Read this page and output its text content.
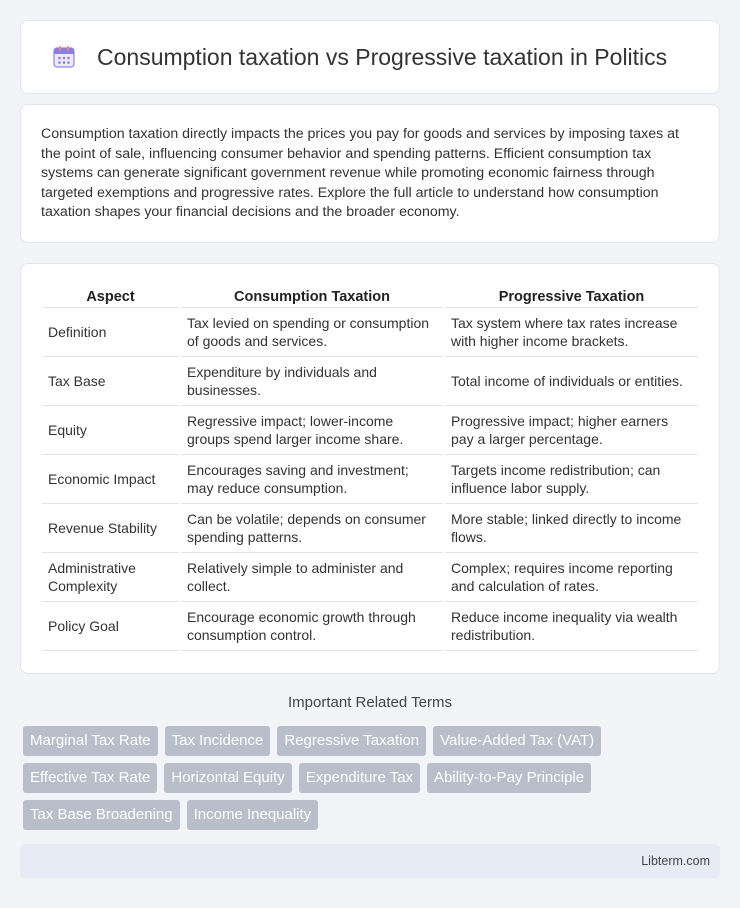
Consumption taxation vs Progressive taxation in Politics

Consumption taxation directly impacts the prices you pay for goods and services by imposing taxes at the point of sale, influencing consumer behavior and spending patterns. Efficient consumption tax systems can generate significant government revenue while promoting economic fairness through targeted exemptions and progressive rates. Explore the full article to understand how consumption taxation shapes your financial decisions and the broader economy.

Aspect	Consumption Taxation	Progressive Taxation
Definition	Tax levied on spending or consumption of goods and services.	Tax system where tax rates increase with higher income brackets.
Tax Base	Expenditure by individuals and businesses.	Total income of individuals or entities.
Equity	Regressive impact; lower-income groups spend larger income share.	Progressive impact; higher earners pay a larger percentage.
Economic Impact	Encourages saving and investment; may reduce consumption.	Targets income redistribution; can influence labor supply.
Revenue Stability	Can be volatile; depends on consumer spending patterns.	More stable; linked directly to income flows.
Administrative Complexity	Relatively simple to administer and collect.	Complex; requires income reporting and calculation of rates.
Policy Goal	Encourage economic growth through consumption control.	Reduce income inequality via wealth redistribution.
Important Related Terms
Marginal Tax Rate	Tax Incidence	Regressive Taxation	Value-Added Tax (VAT)
Effective Tax Rate	Horizontal Equity	Expenditure Tax	Ability-to-Pay Principle
Tax Base Broadening	Income Inequality
Libterm.com
